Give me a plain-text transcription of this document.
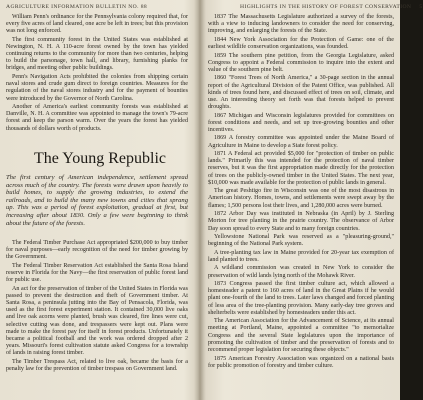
AGRICULTURE INFORMATION BULLETIN NO. 88

William Penn's ordinance for the Pennsylvania colony required that, for every five acres of land cleared, one acre be left in trees; but this provision was not long enforced.

The first community forest in the United States was established at Newington, N. H. A 110-acre forest owned by the town has yielded continuing returns to the community for more than two centuries, helping to build the parsonage, town hall, and library, furnishing planks for bridges, and meeting other public buildings.

Penn's Navigation Acts prohibited the colonies from shipping certain naval stores and crude gum direct to foreign countries. Measures for the regulation of the naval stores industry and for the payment of bounties were introduced by the Governor of North Carolina.

Another of America's earliest community forests was established at Danville, N. H. A committee was appointed to manage the town's 79-acre forest and keep the parson warm. Over the years the forest has yielded thousands of dollars worth of products.

The Young Republic
The first century of American independence, settlement spread across much of the country. The forests were drawn upon heavily to build homes, to supply the growing industries, to extend the railroads, and to build the many new towns and cities that sprang up. This was a period of forest exploitation, gradual at first, but increasing after about 1830. Only a few were beginning to think about the future of the forests.

The Federal Timber Purchase Act appropriated $200,000 to buy timber for naval purposes—early recognition of the need for timber growing by the Government.

The Federal Timber Reservation Act established the Santa Rosa Island reserve in Florida for the Navy—the first reservation of public forest land for public use.

An act for the preservation of timber of the United States in Florida was passed to prevent the destruction and theft of Government timber. At Santa Rosa, a peninsula jutting into the Bay of Pensacola, Florida, was used as the first forest experiment station. It contained 30,000 live oaks and live oak acorns were planted, brush was cleared, fire lines were cut, selective cutting was done, and trespassers were kept out. Plans were made to make the forest pay for itself in forest products. Unfortunately it became a political football and the work was ordered dropped after 2 years. Missouri's forest cultivation statute asked Congress for a township of lands in raising forest timber.

The Timber Trespass Act, related to live oak, became the basis for a penalty law for the prevention of timber trespass on Government land.

HIGHLIGHTS IN THE HISTORY OF FOREST CONSERVATION 5

1837 The Massachusetts Legislature authorized a survey of the forests, with a view to inducing landowners to consider the need for conserving, improving, and enlarging the forests of the State.

1844 New York Association for the Protection of Game: one of the earliest wildlife conservation organizations, was founded.

1859 The southern pine petition, from the Georgia Legislature, asked Congress to appoint a Federal commission to inquire into the extent and value of the southern pine belt.

1860 "Forest Trees of North America," a 30-page section in the annual report of the Agricultural Division of the Patent Office, was published. All kinds of trees found here, and discussed effect of trees on soil, climate, and use. An interesting theory set forth was that forests helped to prevent droughts.

1867 Michigan and Wisconsin legislatures provided for committees on forest conditions and needs, and set up tree-growing bounties and other incentives.

1869 A forestry committee was appointed under the Maine Board of Agriculture in Maine to develop a State forest policy.

1871 A Federal act provided $5,000 for "protection of timber on public lands." Primarily this was intended for the protection of naval timber reserves, but it was the first appropriation made directly for the protection of trees on the publicly-owned timber in the United States. The next year, $10,000 was made available for the protection of public lands in general.

The great Peshtigo fire in Wisconsin was one of the most disastrous in American history. Homes, towns, and settlements were swept away by the flames; 1,500 persons lost their lives, and 1,280,000 acres were burned.

1872 Arbor Day was instituted in Nebraska (in April) by J. Sterling Morton for tree planting in the prairie country. The observance of Arbor Day soon spread to every State and to many foreign countries.

Yellowstone National Park was reserved as a "pleasuring-ground," beginning of the National Park system.

A tree-planting tax law in Maine provided for 20-year tax exemption of land planted to trees.

A wildland commission was created in New York to consider the preservation of wild lands lying north of the Mohawk River.

1873 Congress passed the first timber culture act, which allowed a homesteader a patent to 160 acres of land in the Great Plains if he would plant one-fourth of the land to trees. Later laws changed and forced planting of less area of the tree-planting provision. Many early-day tree groves and shelterbelts were established by homesteaders under this act.

The American Association for the Advancement of Science, at its annual meeting at Portland, Maine, appointed a committee "to memorialize Congress and the several State legislatures upon the importance of promoting the cultivation of timber and the preservation of forests and to recommend proper legislation for securing these objects."

1875 American Forestry Association was organized on a national basis for public promotion of forestry and timber culture.
